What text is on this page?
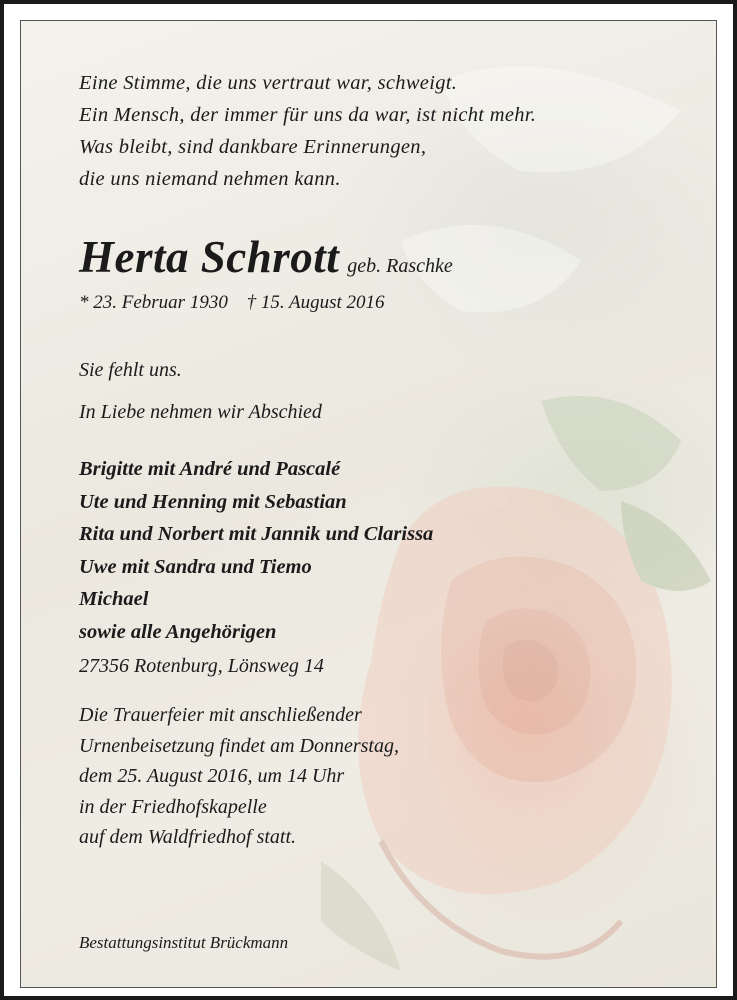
Eine Stimme, die uns vertraut war, schweigt.
Ein Mensch, der immer für uns da war, ist nicht mehr.
Was bleibt, sind dankbare Erinnerungen,
die uns niemand nehmen kann.
Herta Schrott geb. Raschke
* 23. Februar 1930 † 15. August 2016
Sie fehlt uns.
In Liebe nehmen wir Abschied
Brigitte mit André und Pascalé
Ute und Henning mit Sebastian
Rita und Norbert mit Jannik und Clarissa
Uwe mit Sandra und Tiemo
Michael
sowie alle Angehörigen
27356 Rotenburg, Lönsweg 14
Die Trauerfeier mit anschließender
Urnenbeisetzung findet am Donnerstag,
dem 25. August 2016, um 14 Uhr
in der Friedhofskapelle
auf dem Waldfriedhof statt.
Bestattungsinstitut Brückmann
